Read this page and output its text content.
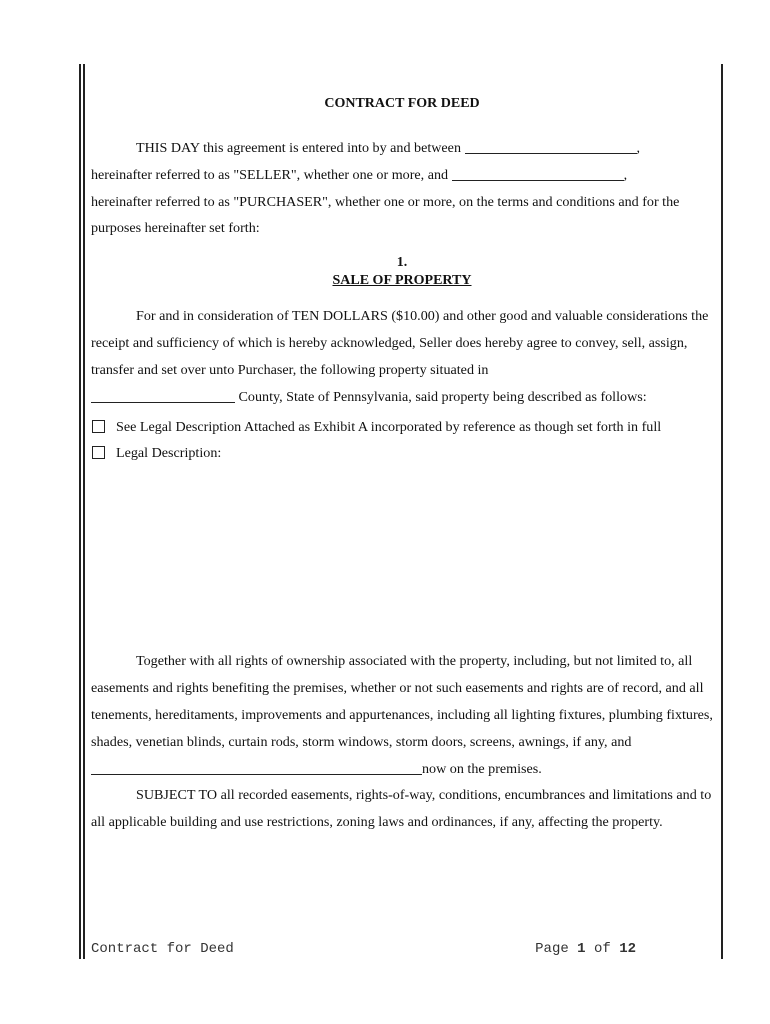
CONTRACT FOR DEED

THIS DAY this agreement is entered into by and between	,

hereinafter referred to as "SELLER", whether one or more, and	,

hereinafter referred to as "PURCHASER", whether one or more, on the terms and conditions and for the purposes hereinafter set forth:

1.
SALE OF PROPERTY

For and in consideration of TEN DOLLARS ($10.00) and other good and valuable considerations the receipt and sufficiency of which is hereby acknowledged, Seller does hereby agree to convey, sell, assign, transfer and set over unto Purchaser, the following property situated in
County, State of Pennsylvania, said property being described as follows:

See Legal Description Attached as Exhibit A incorporated by reference as though set forth in full
Legal Description:

Together with all rights of ownership associated with the property, including, but not limited to, all easements and rights benefiting the premises, whether or not such easements and rights are of record, and all tenements, hereditaments, improvements and appurtenances, including all lighting fixtures, plumbing fixtures, shades, venetian blinds, curtain rods, storm windows, storm doors, screens, awnings, if any, and now on the premises.

SUBJECT TO all recorded easements, rights-of-way, conditions, encumbrances and limitations and to all applicable building and use restrictions, zoning laws and ordinances, if any, affecting the property.

Contract for Deed	Page 1 of 12
